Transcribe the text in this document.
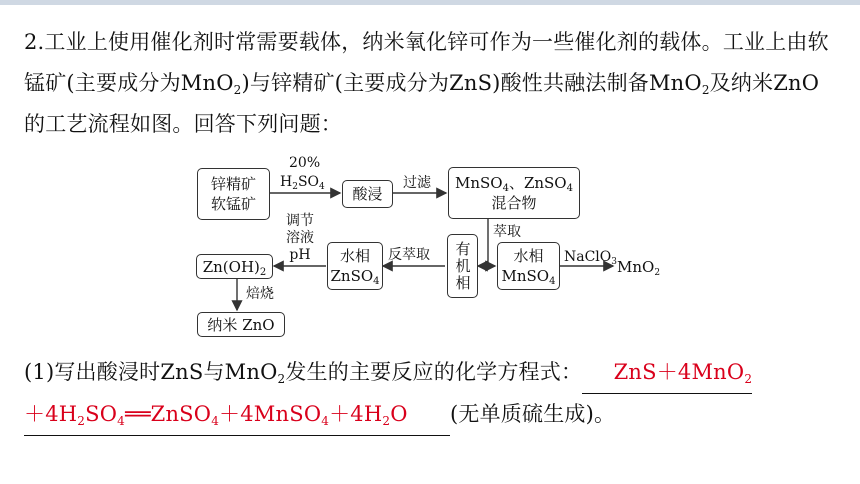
2.工业上使用催化剂时常需要载体，纳米氧化锌可作为一些催化剂的载体。工业上由软锰矿(主要成分为MnO$_2$)与锌精矿(主要成分为ZnS)酸性共融法制备MnO$_2$及纳米ZnO的工艺流程如图。回答下列问题：
锌精矿
软锰矿
20%
$H_2SO_4$	酸浸
过滤 MnSO$_4$、ZnSO$_4$
混合物
萃取
有机相	水相
MnSO$_4$
NaClO$_3$ MnO$_2$
反萃取
水相
ZnSO$_4$
调节
溶液
pH
$Zn(OH)_2$
焙烧
纳米 ZnO
(1)写出酸浸时ZnS与MnO$_2$发生的主要反应的化学方程式： ZnS＋4MnO$_2$
$+4H_2SO_4══ZnSO_4+4MnSO_4+4H_2O$ (无单质硫生成)。
